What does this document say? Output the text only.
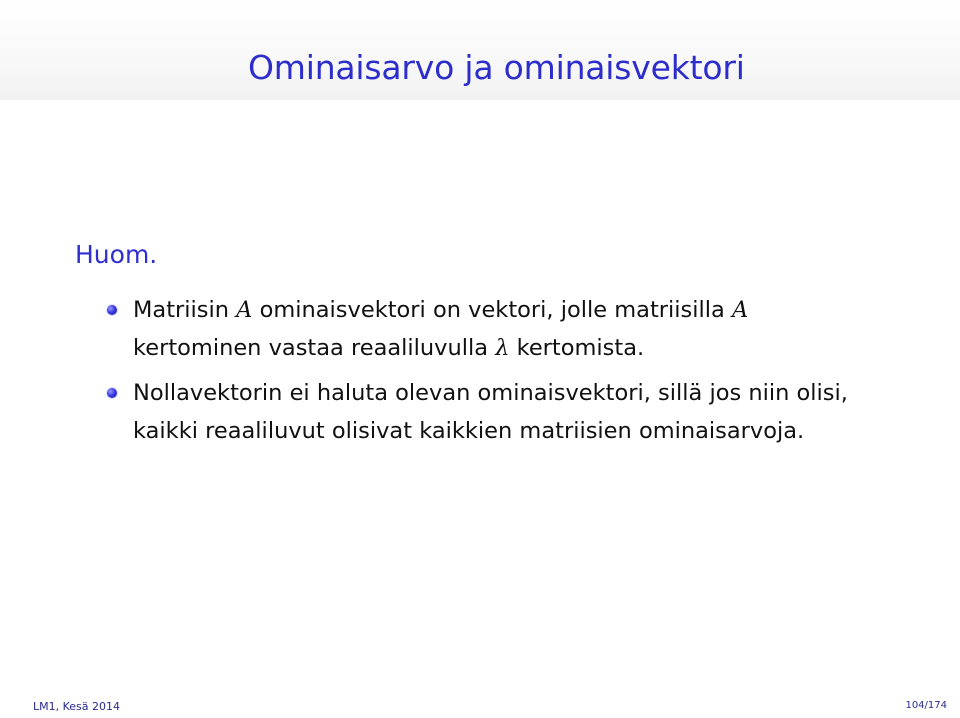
Ominaisarvo ja ominaisvektori
Huom.
Matriisin A ominaisvektori on vektori, jolle matriisilla A kertominen vastaa reaaliluvulla λ kertomista.
Nollavektorin ei haluta olevan ominaisvektori, sillä jos niin olisi, kaikki reaaliluvut olisivat kaikkien matriisien ominaisarvoja.
LM1, Kesä 2014	104/174
